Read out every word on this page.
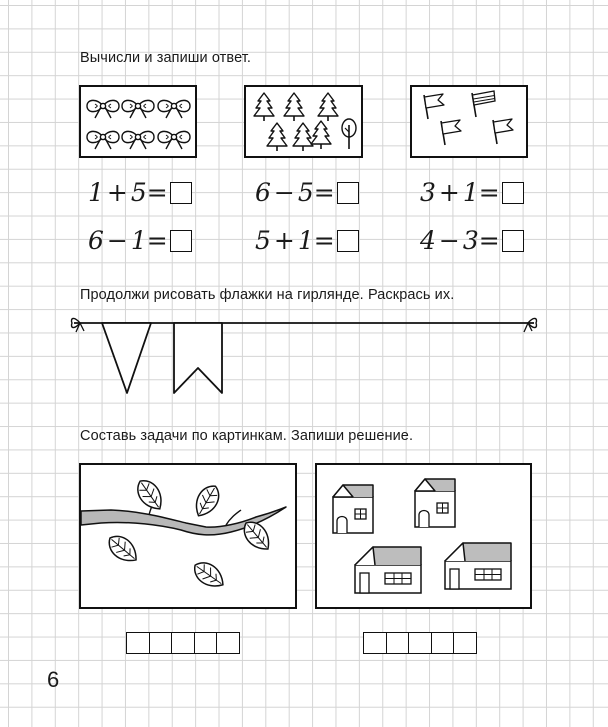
Вычисли и запиши ответ.

1 + 5 =	6 − 5 =	3 + 1 =
6 − 1 =	5 + 1 =	4 − 3 =

Продолжи рисовать флажки на гирлянде. Раскрась их.

Составь задачи по картинкам. Запиши решение.

6
